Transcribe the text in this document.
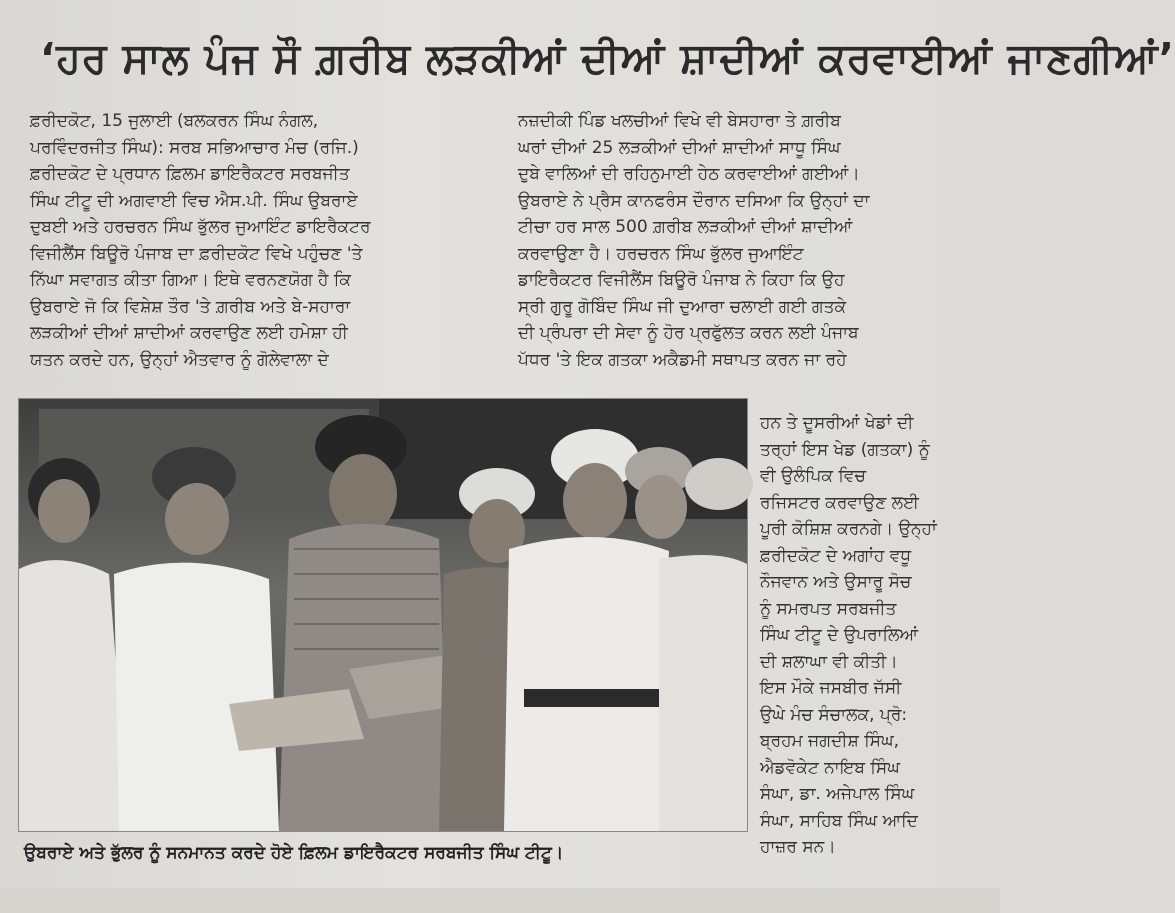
‘ਹਰ ਸਾਲ ਪੰਜ ਸੌ ਗ਼ਰੀਬ ਲੜਕੀਆਂ ਦੀਆਂ ਸ਼ਾਦੀਆਂ ਕਰਵਾਈਆਂ ਜਾਣਗੀਆਂ’
ਫ਼ਰੀਦਕੋਟ, 15 ਜੁਲਾਈ (ਬਲਕਰਨ ਸਿੰਘ ਨੰਗਲ,
ਪਰਵਿੰਦਰਜੀਤ ਸਿੰਘ): ਸਰਬ ਸਭਿਆਚਾਰ ਮੰਚ (ਰਜਿ.)
ਫ਼ਰੀਦਕੋਟ ਦੇ ਪ੍ਰਧਾਨ ਫ਼ਿਲਮ ਡਾਇਰੈਕਟਰ ਸਰਬਜੀਤ
ਸਿੰਘ ਟੀਟੂ ਦੀ ਅਗਵਾਈ ਵਿਚ ਐਸ.ਪੀ. ਸਿੰਘ ਉਬਰਾਏ
ਦੁਬਈ ਅਤੇ ਹਰਚਰਨ ਸਿੰਘ ਭੁੱਲਰ ਜੁਆਇੰਟ ਡਾਇਰੈਕਟਰ
ਵਿਜੀਲੈਂਸ ਬਿਊਰੋ ਪੰਜਾਬ ਦਾ ਫ਼ਰੀਦਕੋਟ ਵਿਖੇ ਪਹੁੰਚਣ 'ਤੇ
ਨਿੱਘਾ ਸਵਾਗਤ ਕੀਤਾ ਗਿਆ। ਇਥੇ ਵਰਨਣਯੋਗ ਹੈ ਕਿ
ਉਬਰਾਏ ਜੋ ਕਿ ਵਿਸ਼ੇਸ਼ ਤੌਰ 'ਤੇ ਗ਼ਰੀਬ ਅਤੇ ਬੇ-ਸਹਾਰਾ
ਲੜਕੀਆਂ ਦੀਆਂ ਸ਼ਾਦੀਆਂ ਕਰਵਾਉਣ ਲਈ ਹਮੇਸ਼ਾ ਹੀ
ਯਤਨ ਕਰਦੇ ਹਨ, ਉਨ੍ਹਾਂ ਐਤਵਾਰ ਨੂੰ ਗੋਲੇਵਾਲਾ ਦੇ
ਨਜ਼ਦੀਕੀ ਪਿੰਡ ਖਲਚੀਆਂ ਵਿਖੇ ਵੀ ਬੇਸਹਾਰਾ ਤੇ ਗ਼ਰੀਬ
ਘਰਾਂ ਦੀਆਂ 25 ਲੜਕੀਆਂ ਦੀਆਂ ਸ਼ਾਦੀਆਂ ਸਾਧੂ ਸਿੰਘ
ਦੁਬੇ ਵਾਲਿਆਂ ਦੀ ਰਹਿਨੁਮਾਈ ਹੇਠ ਕਰਵਾਈਆਂ ਗਈਆਂ।
ਉਬਰਾਏ ਨੇ ਪ੍ਰੈਸ ਕਾਨਫਰੰਸ ਦੌਰਾਨ ਦਸਿਆ ਕਿ ਉਨ੍ਹਾਂ ਦਾ
ਟੀਚਾ ਹਰ ਸਾਲ 500 ਗ਼ਰੀਬ ਲੜਕੀਆਂ ਦੀਆਂ ਸ਼ਾਦੀਆਂ
ਕਰਵਾਉਣਾ ਹੈ। ਹਰਚਰਨ ਸਿੰਘ ਭੁੱਲਰ ਜੁਆਇੰਟ
ਡਾਇਰੈਕਟਰ ਵਿਜੀਲੈਂਸ ਬਿਊਰੋ ਪੰਜਾਬ ਨੇ ਕਿਹਾ ਕਿ ਉਹ
ਸ੍ਰੀ ਗੁਰੂ ਗੋਬਿੰਦ ਸਿੰਘ ਜੀ ਦੁਆਰਾ ਚਲਾਈ ਗਈ ਗਤਕੇ
ਦੀ ਪ੍ਰੰਪਰਾ ਦੀ ਸੇਵਾ ਨੂੰ ਹੋਰ ਪ੍ਰਫੁੱਲਤ ਕਰਨ ਲਈ ਪੰਜਾਬ
ਪੱਧਰ 'ਤੇ ਇਕ ਗਤਕਾ ਅਕੈਡਮੀ ਸਥਾਪਤ ਕਰਨ ਜਾ ਰਹੇ
ਹਨ ਤੇ ਦੂਸਰੀਆਂ ਖੇਡਾਂ ਦੀ
ਤਰ੍ਹਾਂ ਇਸ ਖੇਡ (ਗਤਕਾ) ਨੂੰ
ਵੀ ਉਲੰਪਿਕ ਵਿਚ
ਰਜਿਸਟਰ ਕਰਵਾਉਣ ਲਈ
ਪੂਰੀ ਕੋਸ਼ਿਸ਼ ਕਰਨਗੇ। ਉਨ੍ਹਾਂ
ਫ਼ਰੀਦਕੋਟ ਦੇ ਅਗਾਂਹ ਵਧੂ
ਨੌਜਵਾਨ ਅਤੇ ਉਸਾਰੂ ਸੋਚ
ਨੂੰ ਸਮਰਪਤ ਸਰਬਜੀਤ
ਸਿੰਘ ਟੀਟੂ ਦੇ ਉਪਰਾਲਿਆਂ
ਦੀ ਸ਼ਲਾਘਾ ਵੀ ਕੀਤੀ।
ਇਸ ਮੌਕੇ ਜਸਬੀਰ ਜੱਸੀ
ਉਘੇ ਮੰਚ ਸੰਚਾਲਕ, ਪ੍ਰੋ:
ਬ੍ਰਹਮ ਜਗਦੀਸ਼ ਸਿੰਘ,
ਐਡਵੋਕੇਟ ਨਾਇਬ ਸਿੰਘ
ਸੰਘਾ, ਡਾ. ਅਜੇਪਾਲ ਸਿੰਘ
ਸੰਘਾ, ਸਾਹਿਬ ਸਿੰਘ ਆਦਿ
ਹਾਜ਼ਰ ਸਨ।
ਉਬਰਾਏ ਅਤੇ ਭੁੱਲਰ ਨੂੰ ਸਨਮਾਨਤ ਕਰਦੇ ਹੋਏ ਫ਼ਿਲਮ ਡਾਇਰੈਕਟਰ ਸਰਬਜੀਤ ਸਿੰਘ ਟੀਟੂ।
